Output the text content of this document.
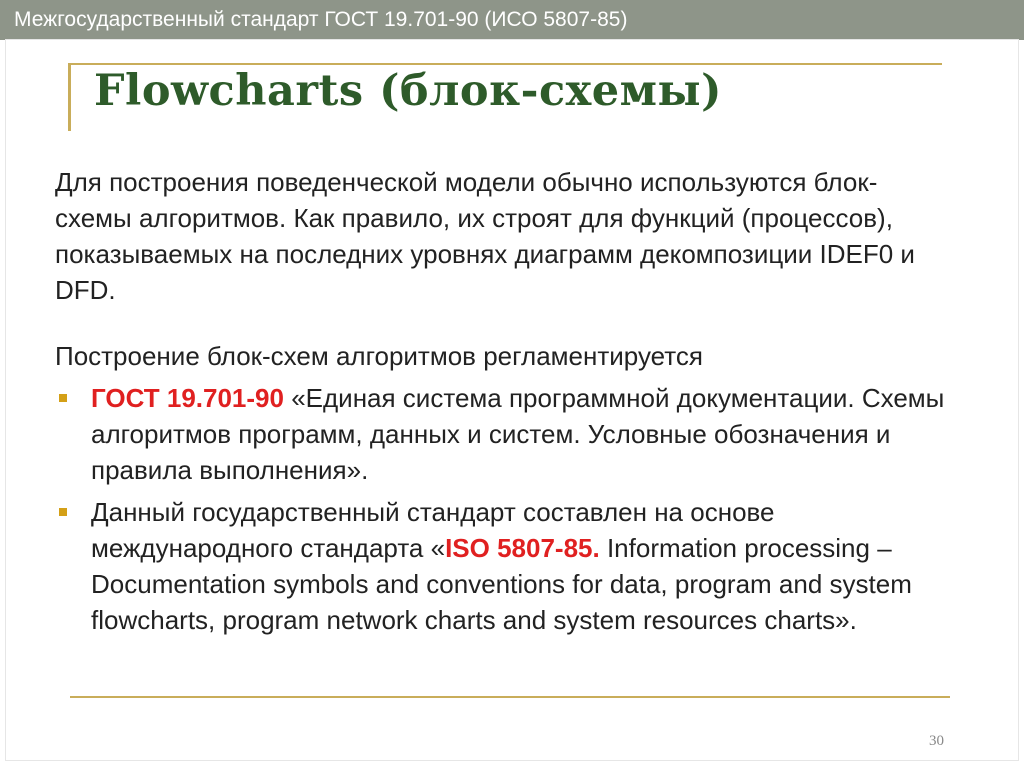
Межгосударственный стандарт ГОСТ 19.701-90 (ИСО 5807-85)
Flowcharts (блок-схемы)

Для построения поведенческой модели обычно используются блок-схемы алгоритмов. Как правило, их строят для функций (процессов), показываемых на последних уровнях диаграмм декомпозиции IDEF0 и DFD.

Построение блок-схем алгоритмов регламентируется

ГОСТ 19.701-90 «Единая система программной документации. Схемы алгоритмов программ, данных и систем. Условные обозначения и правила выполнения».
Данный государственный стандарт составлен на основе международного стандарта «ISO 5807-85. Information processing – Documentation symbols and conventions for data, program and system flowcharts, program network charts and system resources charts».
30
